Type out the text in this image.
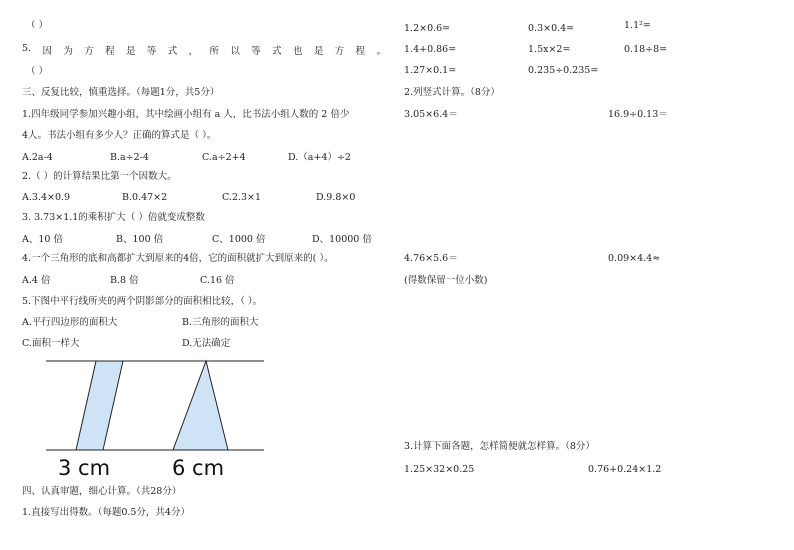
（ ）
5. 因 为 方 程 是 等 式 ， 所 以 等 式 也 是 方 程 。
（ ）
三、反复比较，慎重选择。（每题1分，共5分）
1.四年级同学参加兴趣小组，其中绘画小组有 a 人，比书法小组人数的 2 倍少
4人。书法小组有多少人？正确的算式是（ ）。
A.2a-4	B.a÷2-4	C.a÷2+4	D.（a+4）÷2
2.（ ）的计算结果比第一个因数大。
A.3.4×0.9	B.0.47×2	C.2.3×1	D.9.8×0
3. 3.73×1.1的乘积扩大（ ）倍就变成整数
A、10 倍	B、100 倍	C、1000 倍	D、10000 倍
4.一个三角形的底和高都扩大到原来的4倍，它的面积就扩大到原来的( ）。
A.4 倍	B.8 倍	C.16 倍
5.下图中平行线所夹的两个阴影部分的面积相比较，（ ）。
A.平行四边形的面积大	B.三角形的面积大
C.面积一样大	D.无法确定
3 cm	6 cm
四、认真审题，细心计算。（共28分）
1.直接写出得数。（每题0.5分，共4分）
1.2×0.6=	0.3×0.4=	1.1²=
1.4+0.86=	1.5x×2=	0.18÷8=
1.27×0.1=	0.235÷0.235=
2.列竖式计算。（8分）
3.05×6.4＝	16.9÷0.13＝
4.76×5.6＝	0.09×4.4≈
(得数保留一位小数)
3.计算下面各题，怎样简便就怎样算。（8分）
1.25×32×0.25	0.76+0.24×1.2
